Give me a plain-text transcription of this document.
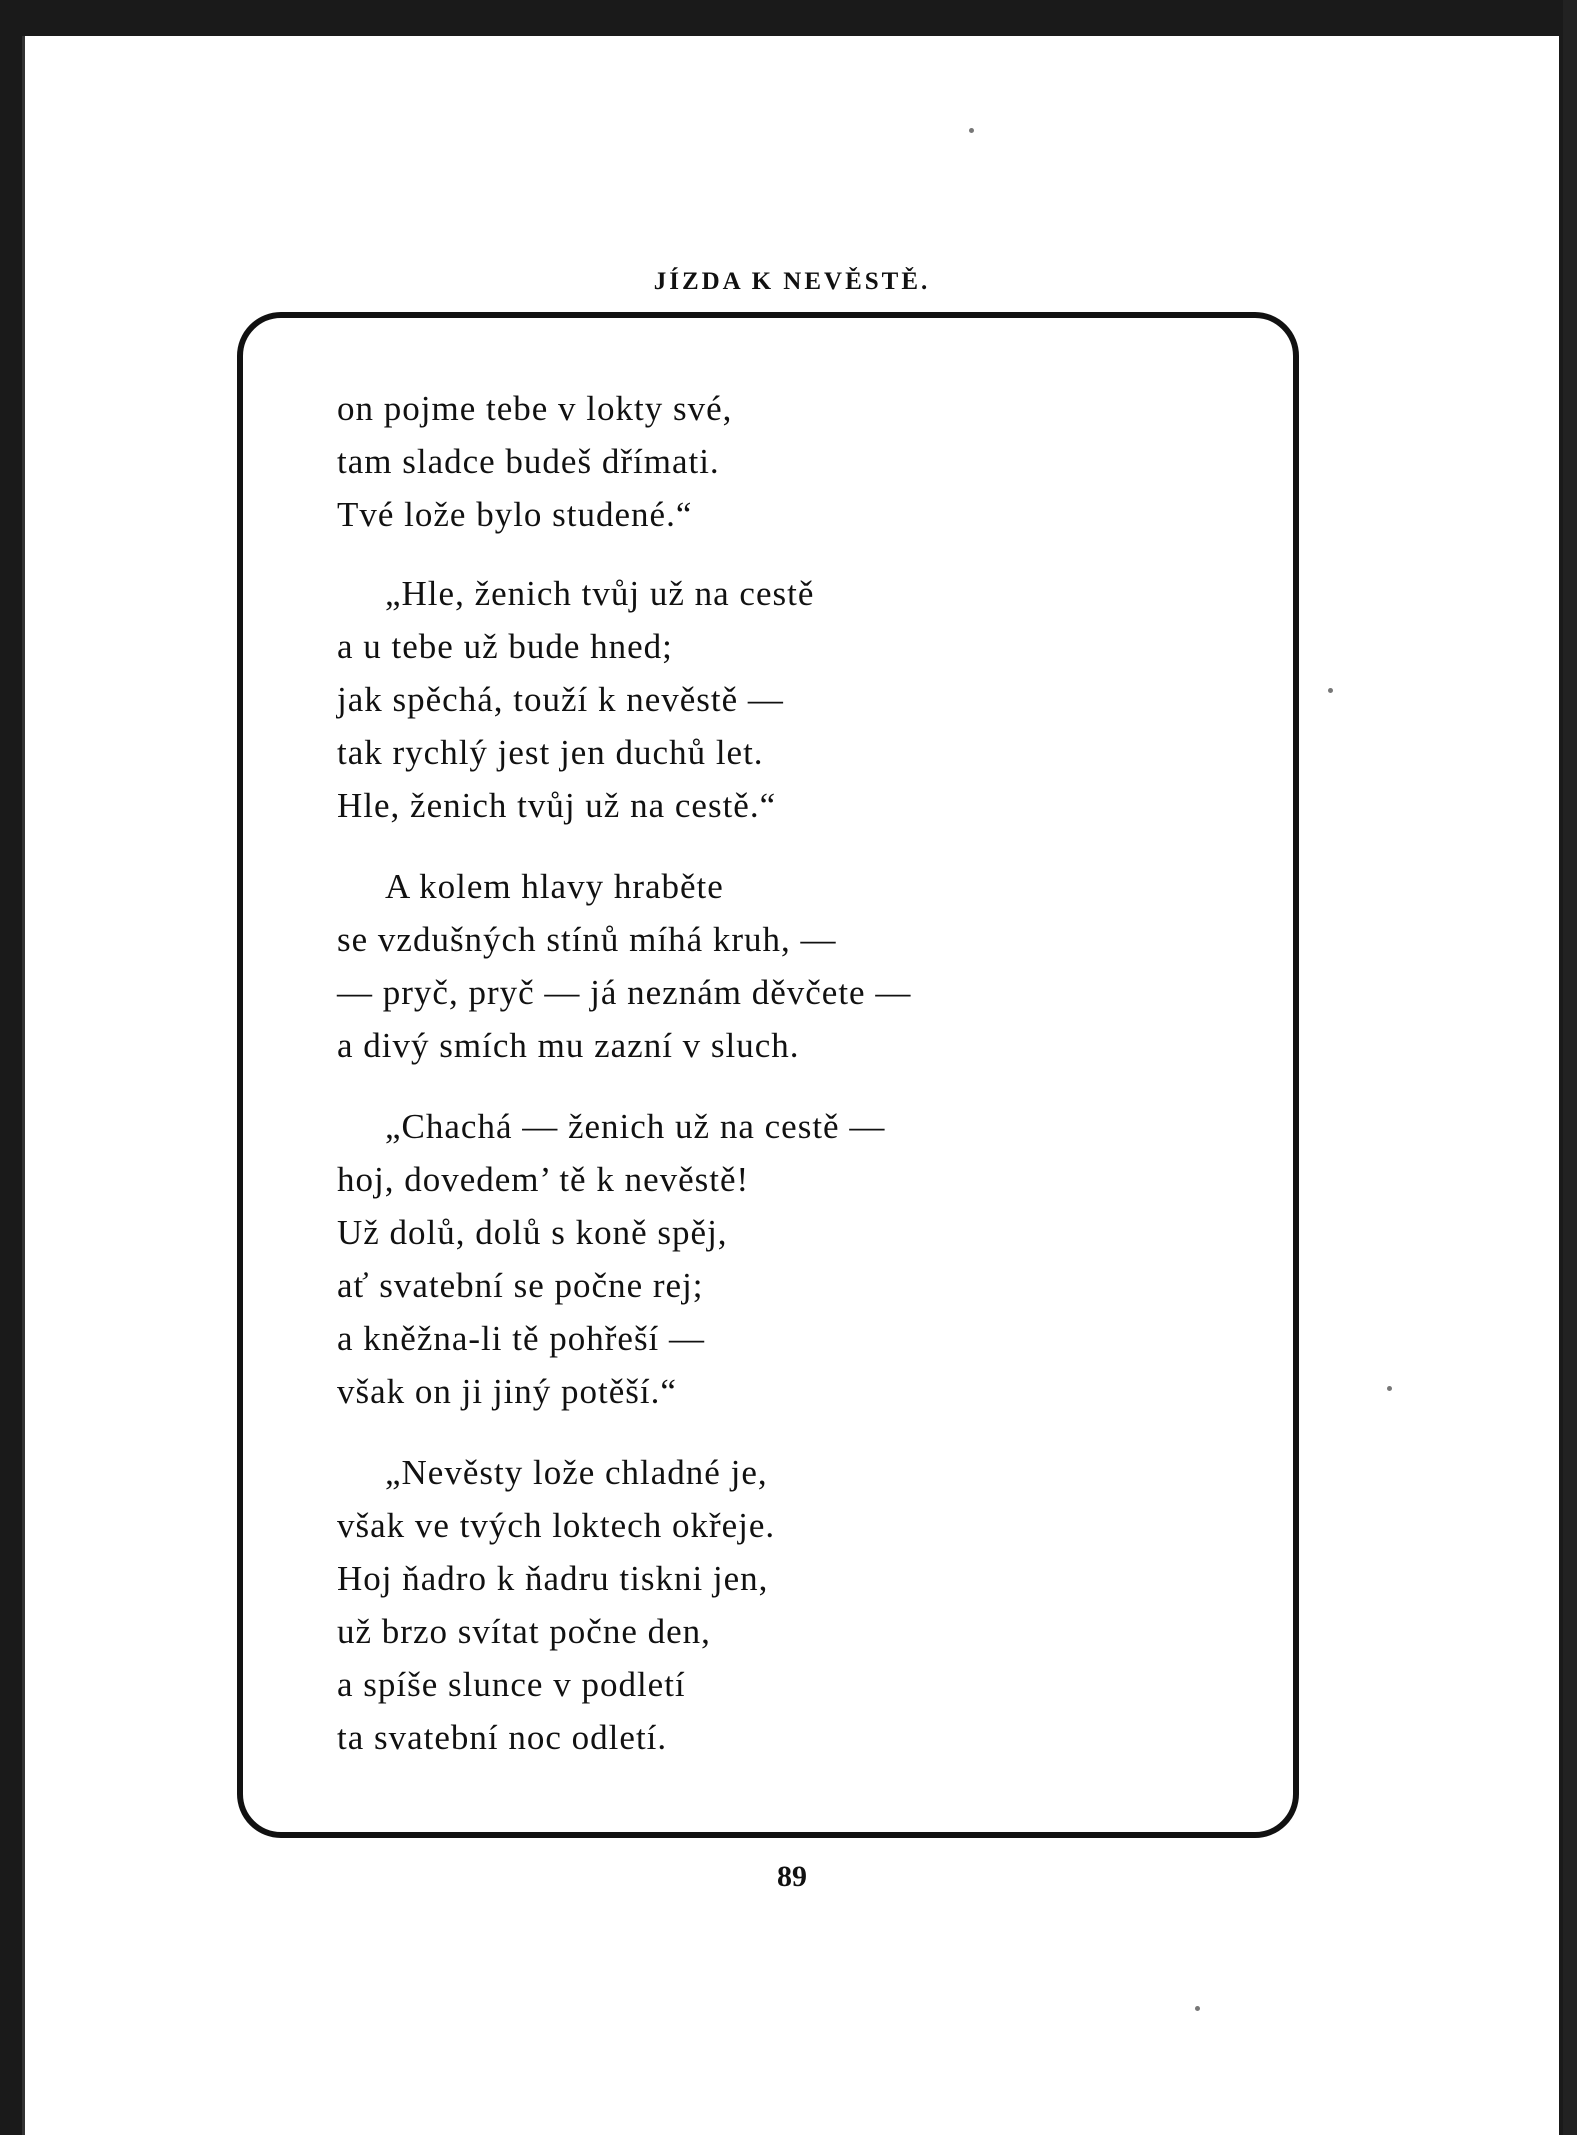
JÍZDA K NEVĚSTĚ.
on pojme tebe v lokty své,
tam sladce budeš dřímati.
Tvé lože bylo studené.“
„Hle, ženich tvůj už na cestě
a u tebe už bude hned;
jak spěchá, touží k nevěstě —
tak rychlý jest jen duchů let.
Hle, ženich tvůj už na cestě.“
A kolem hlavy hraběte
se vzdušných stínů míhá kruh, —
— pryč, pryč — já neznám děvčete —
a divý smích mu zazní v sluch.
„Chachá — ženich už na cestě —
hoj, dovedem’ tě k nevěstě!
Už dolů, dolů s koně spěj,
ať svatební se počne rej;
a kněžna-li tě pohřeší —
však on ji jiný potěší.“
„Nevěsty lože chladné je,
však ve tvých loktech okřeje.
Hoj ňadro k ňadru tiskni jen,
už brzo svítat počne den,
a spíše slunce v podletí
ta svatební noc odletí.
89
